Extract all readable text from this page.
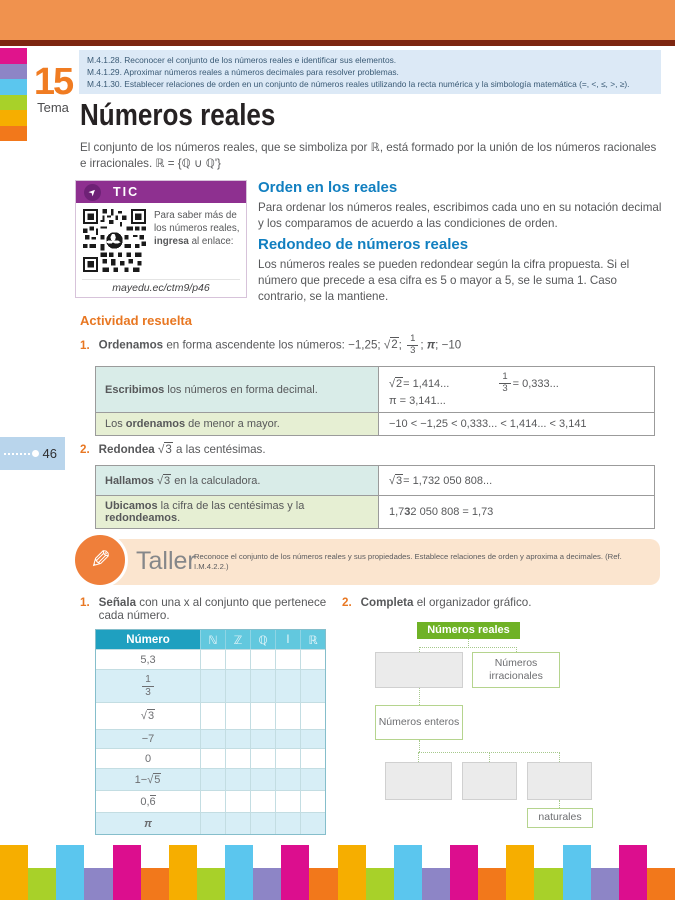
M.4.1.28. Reconocer el conjunto de los números reales e identificar sus elementos.
M.4.1.29. Aproximar números reales a números decimales para resolver problemas.
M.4.1.30. Establecer relaciones de orden en un conjunto de números reales utilizando la recta numérica y la simbología matemática (=, <, ≤, >, ≥).
15
Tema Números reales
El conjunto de los números reales, que se simboliza por ℝ, está formado por la unión de los números racionales e irracionales. ℝ = {ℚ ∪ ℚ'}
➤ TIC
Para saber más de los números reales, ingresa al enlace:
mayedu.ec/ctm9/p46
Orden en los reales
Para ordenar los números reales, escribimos cada uno en su notación decimal y los comparamos de acuerdo a las condiciones de orden.
Redondeo de números reales
Los números reales se pueden redondear según la cifra propuesta. Si el número que precede a esa cifra es 5 o mayor a 5, se le suma 1. Caso contrario, se la mantiene.
Actividad resuelta
1. Ordenamos en forma ascendente los números: −1,25; √2; $\frac{1}{3}$ ; π; −10
Escribimos los números en forma decimal.	√2 = 1,414...	$\frac{1}{3} = 0,333$...
π = 3,141...
Los ordenamos de menor a mayor.	−10 < −1,25 < 0,333... < 1,414... < 3,141
46 2. Redondea √3 a las centésimas.
Hallamos √3 en la calculadora.	√3 = 1,732 050 808...
Ubicamos la cifra de las centésimas y la redondeamos.	1,732 050 808 = 1,73
Taller
Reconoce el conjunto de los números reales y sus propiedades. Establece relaciones de orden y aproxima a decimales. (Ref. I.M.4.2.2.)
✎
1. Señala con una x al conjunto que pertenece cada número.
2. Completa el organizador gráfico.
Número	ℕ	ℤ	ℚ	I	ℝ
5,3
$\frac{1}{3}$
√3
−7
0
1− √5
0, 6
π
Números reales
Números irracionales
Números enteros
naturales
